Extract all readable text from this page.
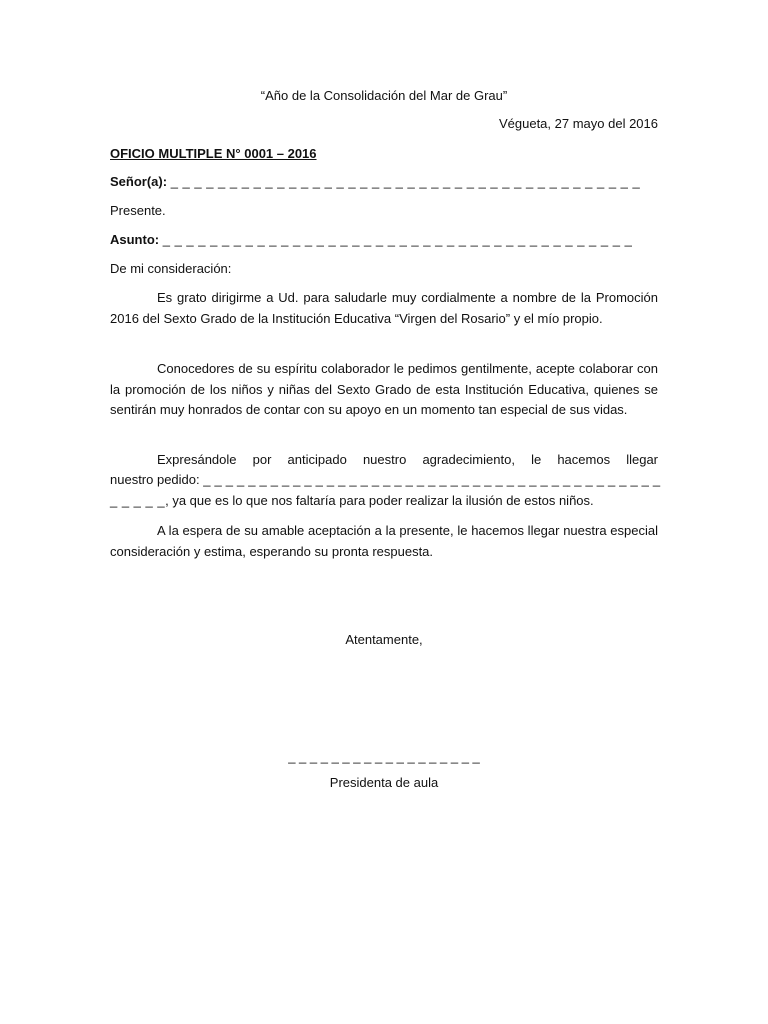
“Año de la Consolidación del Mar de Grau”
Végueta, 27 mayo del 2016
OFICIO MULTIPLE N° 0001 – 2016
Señor(a): _ _ _ _ _ _ _ _ _ _ _ _ _ _ _ _ _ _ _ _ _ _ _ _ _ _ _ _ _ _ _ _ _ _ _ _ _ _ _ _
Presente.
Asunto: _ _ _ _ _ _ _ _ _ _ _ _ _ _ _ _ _ _ _ _ _ _ _ _ _ _ _ _ _ _ _ _ _ _ _ _ _ _ _ _
De mi consideración:
Es grato dirigirme a Ud. para saludarle muy cordialmente a nombre de la Promoción 2016 del Sexto Grado de la Institución Educativa “Virgen del Rosario” y el mío propio.
Conocedores de su espíritu colaborador le pedimos gentilmente, acepte colaborar con la promoción de los niños y niñas del Sexto Grado de esta Institución Educativa, quienes se sentirán muy honrados de contar con su apoyo en un momento tan especial de sus vidas.
Expresándole por anticipado nuestro agradecimiento, le hacemos llegar
nuestro pedido: _ _ _ _ _ _ _ _ _ _ _ _ _ _ _ _ _ _ _ _ _ _ _ _ _ _ _ _ _ _ _ _ _ _ _ _ _ _ _ _ _
_ _ _ _ _, ya que es lo que nos faltaría para poder realizar la ilusión de estos niños.
A la espera de su amable aceptación a la presente, le hacemos llegar nuestra especial consideración y estima, esperando su pronta respuesta.
Atentamente,
_ _ _ _ _ _ _ _ _ _ _ _ _ _ _ _ _ _
Presidenta de aula
